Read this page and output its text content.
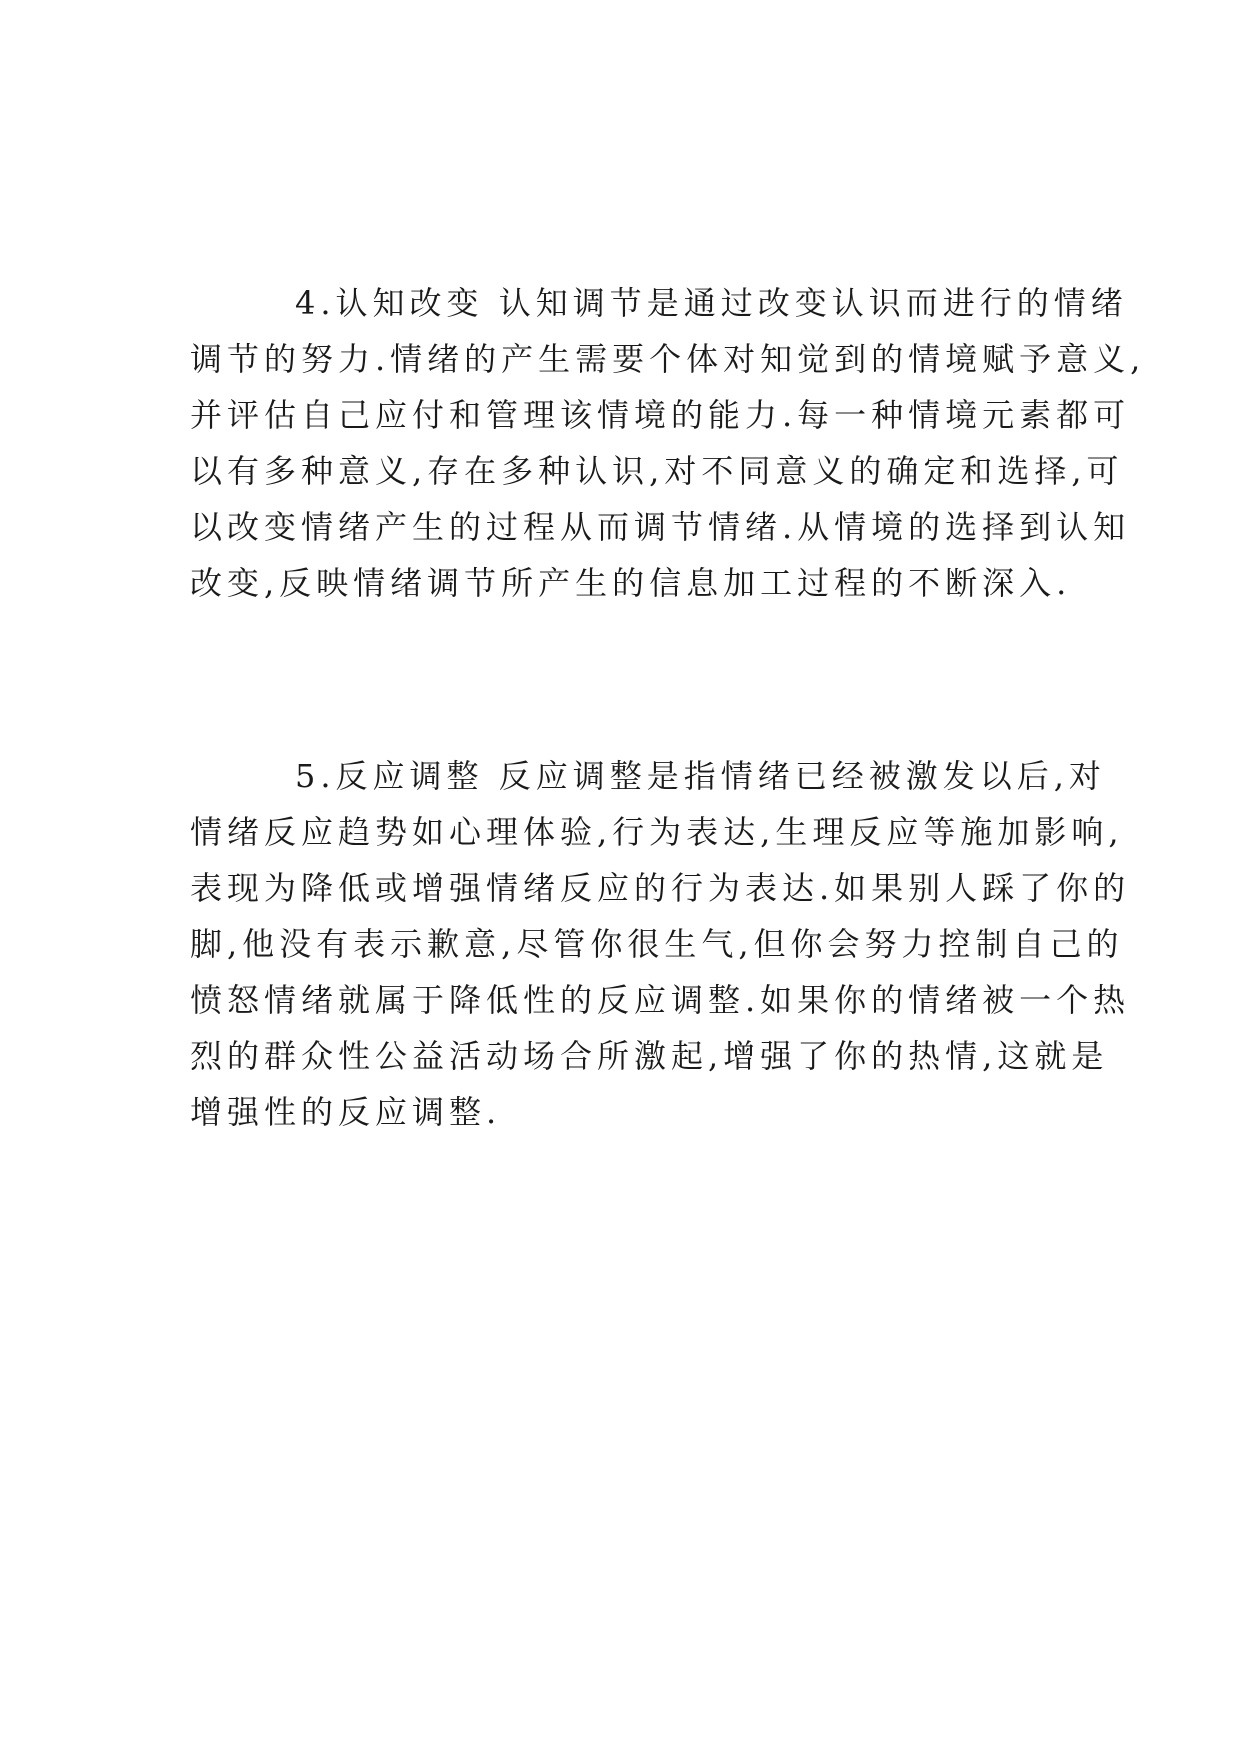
4.认知改变 认知调节是通过改变认识而进行的情绪
调节的努力.情绪的产生需要个体对知觉到的情境赋予意义,
并评估自己应付和管理该情境的能力.每一种情境元素都可
以有多种意义,存在多种认识,对不同意义的确定和选择,可
以改变情绪产生的过程从而调节情绪.从情境的选择到认知
改变,反映情绪调节所产生的信息加工过程的不断深入.
5.反应调整 反应调整是指情绪已经被激发以后,对
情绪反应趋势如心理体验,行为表达,生理反应等施加影响,
表现为降低或增强情绪反应的行为表达.如果别人踩了你的
脚,他没有表示歉意,尽管你很生气,但你会努力控制自己的
愤怒情绪就属于降低性的反应调整.如果你的情绪被一个热
烈的群众性公益活动场合所激起,增强了你的热情,这就是
增强性的反应调整.
